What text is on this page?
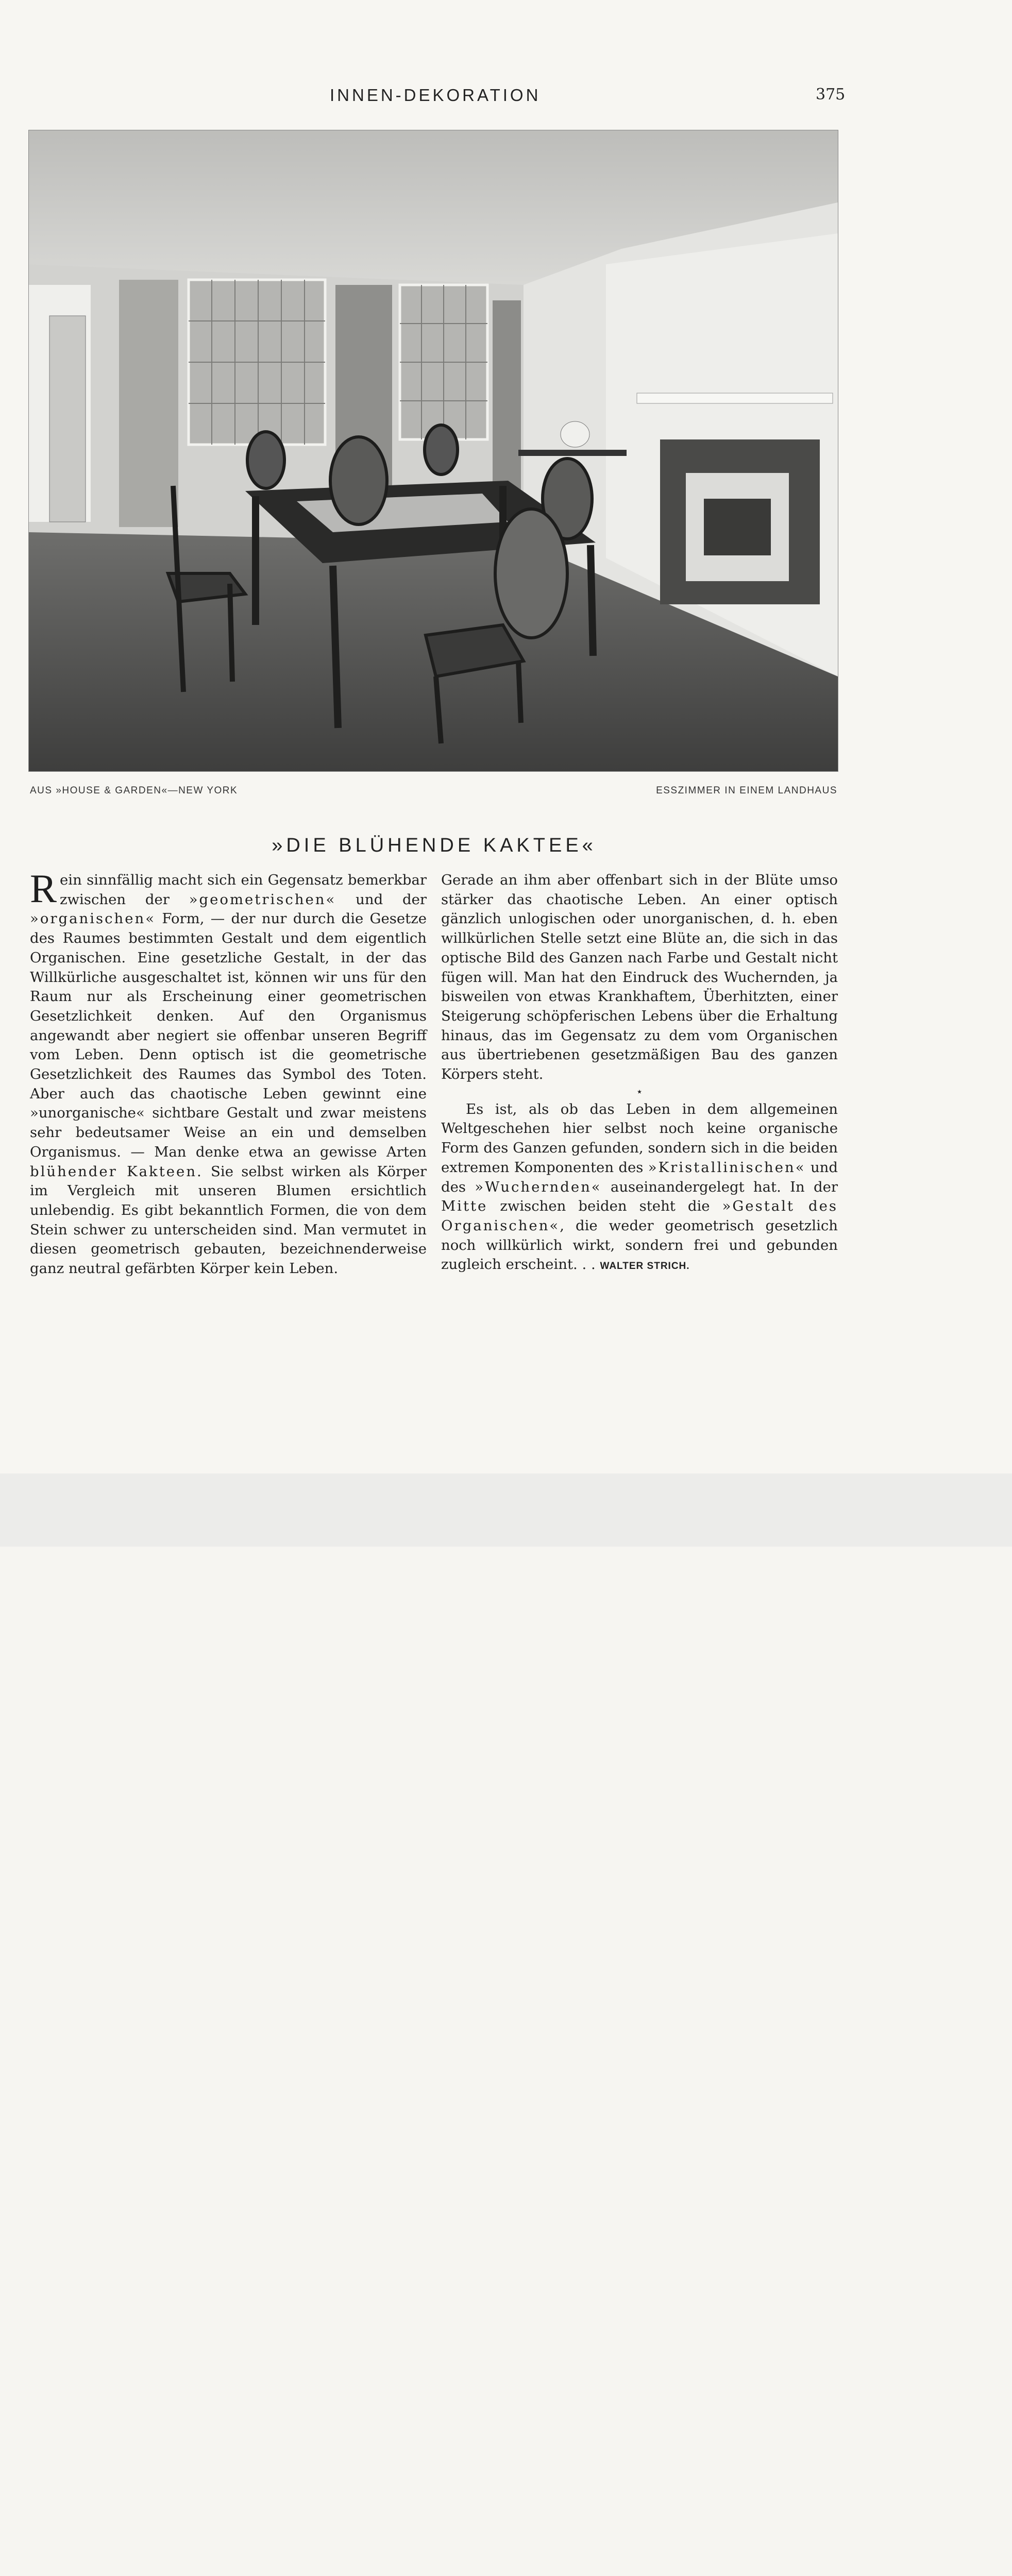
INNEN-DEKORATION	375
AUS »HOUSE & GARDEN«—NEW YORK	ESSZIMMER IN EINEM LANDHAUS
»DIE BLÜHENDE KAKTEE«

Rein sinnfällig macht sich ein Gegensatz bemerkbar zwischen der »geometrischen« und der »organischen« Form, — der nur durch die Gesetze des Raumes bestimmten Gestalt und dem eigentlich Organischen. Eine gesetzliche Gestalt, in der das Willkürliche ausgeschaltet ist, können wir uns für den Raum nur als Erscheinung einer geometrischen Gesetzlichkeit denken. Auf den Organismus angewandt aber negiert sie offenbar unseren Begriff vom Leben. Denn optisch ist die geometrische Gesetzlichkeit des Raumes das Symbol des Toten. Aber auch das chaotische Leben gewinnt eine »unorganische« sichtbare Gestalt und zwar meistens sehr bedeutsamer Weise an ein und demselben Organismus. — Man denke etwa an gewisse Arten blühender Kakteen. Sie selbst wirken als Körper im Vergleich mit unseren Blumen ersichtlich unlebendig. Es gibt bekanntlich Formen, die von dem Stein schwer zu unterscheiden sind. Man vermutet in diesen geometrisch gebauten, bezeichnenderweise ganz neutral gefärbten Körper kein Leben.

Gerade an ihm aber offenbart sich in der Blüte umso stärker das chaotische Leben. An einer optisch gänzlich unlogischen oder unorganischen, d. h. eben willkürlichen Stelle setzt eine Blüte an, die sich in das optische Bild des Ganzen nach Farbe und Gestalt nicht fügen will. Man hat den Eindruck des Wuchernden, ja bisweilen von etwas Krankhaftem, Überhitzten, einer Steigerung schöpferischen Lebens über die Erhaltung hinaus, das im Gegensatz zu dem vom Organischen aus übertriebenen gesetzmäßigen Bau des ganzen Körpers steht.

⋆

Es ist, als ob das Leben in dem allgemeinen Weltgeschehen hier selbst noch keine organische Form des Ganzen gefunden, sondern sich in die beiden extremen Komponenten des »Kristallinischen« und des »Wuchernden« auseinandergelegt hat. In der Mitte zwischen beiden steht die »Gestalt des Organischen«, die weder geometrisch gesetzlich noch willkürlich wirkt, sondern frei und gebunden zugleich erscheint. . . WALTER STRICH.
